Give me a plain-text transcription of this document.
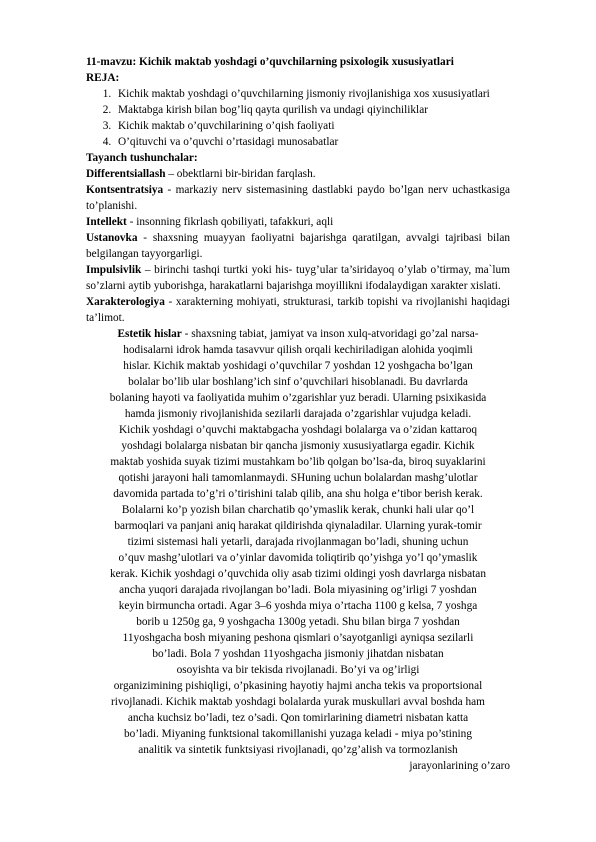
11-mavzu: Kichik maktab yoshdagi o’quvchilarning psixologik xususiyatlari
REJA:
1. Kichik maktab yoshdagi o’quvchilarning jismoniy rivojlanishiga xos xususiyatlari
2. Maktabga kirish bilan bog’liq qayta qurilish va undagi qiyinchiliklar
3. Kichik maktab o’quvchilarining o’qish faoliyati
4. O’qituvchi va o’quvchi o’rtasidagi munosabatlar
Tayanch tushunchalar:
Differentsiallash – obektlarni bir-biridan farqlash.
Kontsentratsiya - markaziy nerv sistemasining dastlabki paydo bo’lgan nerv uchastkasiga to’planishi.
Intellekt - insonning fikrlash qobiliyati, tafakkuri, aqli
Ustanovka - shaxsning muayyan faoliyatni bajarishga qaratilgan, avvalgi tajribasi bilan belgilangan tayyorgarligi.
Impulsivlik – birinchi tashqi turtki yoki his- tuyg’ular ta’siridayoq o’ylab o’tirmay, ma`lum so’zlarni aytib yuborishga, harakatlarni bajarishga moyillikni ifodalaydigan xarakter xislati.
Xarakterologiya - xarakterning mohiyati, strukturasi, tarkib topishi va rivojlanishi haqidagi ta’limot.
Estetik hislar - shaxsning tabiat, jamiyat va inson xulq-atvoridagi go’zal narsa-
hodisalarni idrok hamda tasavvur qilish orqali kechiriladigan alohida yoqimli
hislar. Kichik maktab yoshidagi o’quvchilar 7 yoshdan 12 yoshgacha bo’lgan
bolalar bo’lib ular boshlang’ich sinf o’quvchilari hisoblanadi. Bu davrlarda
bolaning hayoti va faoliyatida muhim o’zgarishlar yuz beradi. Ularning psixikasida
hamda jismoniy rivojlanishida sezilarli darajada o’zgarishlar vujudga keladi.
Kichik yoshdagi o’quvchi maktabgacha yoshdagi bolalarga va o’zidan kattaroq
yoshdagi bolalarga nisbatan bir qancha jismoniy xususiyatlarga egadir. Kichik
maktab yoshida suyak tizimi mustahkam bo’lib qolgan bo’lsa-da, biroq suyaklarini
qotishi jarayoni hali tamomlanmaydi. SHuning uchun bolalardan mashg’ulotlar
davomida partada to’g’ri o’tirishini talab qilib, ana shu holga e’tibor berish kerak.
Bolalarni ko’p yozish bilan charchatib qo’ymaslik kerak, chunki hali ular qo’l
barmoqlari va panjani aniq harakat qildirishda qiynaladilar. Ularning yurak-tomir
tizimi sistemasi hali yetarli, darajada rivojlanmagan bo’ladi, shuning uchun
o’quv mashg’ulotlari va o’yinlar davomida toliqtirib qo’yishga yo’l qo’ymaslik
kerak. Kichik yoshdagi o’quvchida oliy asab tizimi oldingi yosh davrlarga nisbatan
ancha yuqori darajada rivojlangan bo’ladi. Bola miyasining og’irligi 7 yoshdan
keyin birmuncha ortadi. Agar 3–6 yoshda miya o’rtacha 1100 g kelsa, 7 yoshga
borib u 1250g ga, 9 yoshgacha 1300g yetadi. Shu bilan birga 7 yoshdan
11yoshgacha bosh miyaning peshona qismlari o’sayotganligi ayniqsa sezilarli
bo’ladi. Bola 7 yoshdan 11yoshgacha jismoniy jihatdan nisbatan
osoyishta va bir tekisda rivojlanadi. Bo’yi va og’irligi
organizimining pishiqligi, o’pkasining hayotiy hajmi ancha tekis va proportsional
rivojlanadi. Kichik maktab yoshdagi bolalarda yurak muskullari avval boshda ham
ancha kuchsiz bo’ladi, tez o’sadi. Qon tomirlarining diametri nisbatan katta
bo’ladi. Miyaning funktsional takomillanishi yuzaga keladi - miya po’stining
analitik va sintetik funktsiyasi rivojlanadi, qo’zg’alish va tormozlanish
jarayonlarining o’zaro
